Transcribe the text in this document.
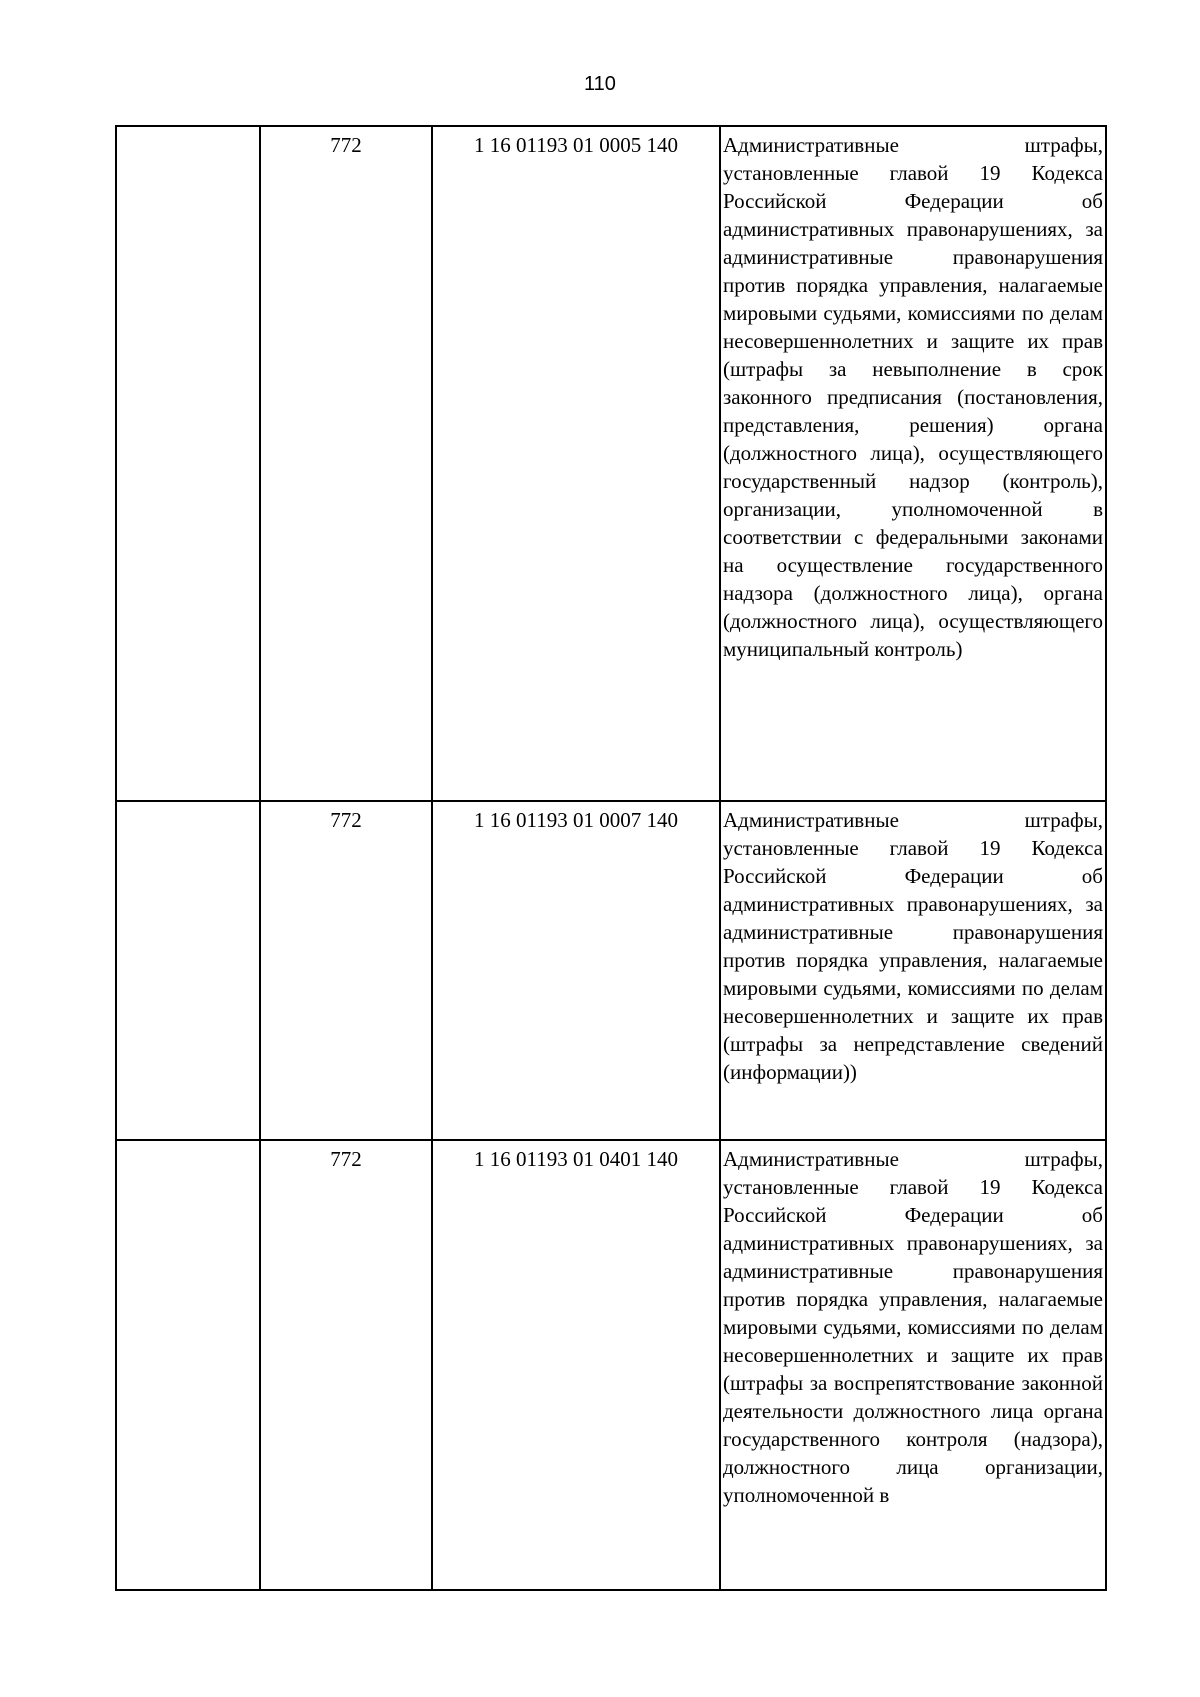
110
	772	1 16 01193 01 0005 140	Административные штрафы, установленные главой 19 Кодекса Российской Федерации об административных правонарушениях, за административные правонарушения против порядка управления, налагаемые мировыми судьями, комиссиями по делам несовершеннолетних и защите их прав (штрафы за невыполнение в срок законного предписания (постановления, представления, решения) органа (должностного лица), осуществляющего государственный надзор (контроль), организации, уполномоченной в соответствии с федеральными законами на осуществление государственного надзора (должностного лица), органа (должностного лица), осуществляющего муниципальный контроль)
	772	1 16 01193 01 0007 140	Административные штрафы, установленные главой 19 Кодекса Российской Федерации об административных правонарушениях, за административные правонарушения против порядка управления, налагаемые мировыми судьями, комиссиями по делам несовершеннолетних и защите их прав (штрафы за непредставление сведений (информации))
	772	1 16 01193 01 0401 140	Административные штрафы, установленные главой 19 Кодекса Российской Федерации об административных правонарушениях, за административные правонарушения против порядка управления, налагаемые мировыми судьями, комиссиями по делам несовершеннолетних и защите их прав (штрафы за воспрепятствование законной деятельности должностного лица органа государственного контроля (надзора), должностного лица организации, уполномоченной в
